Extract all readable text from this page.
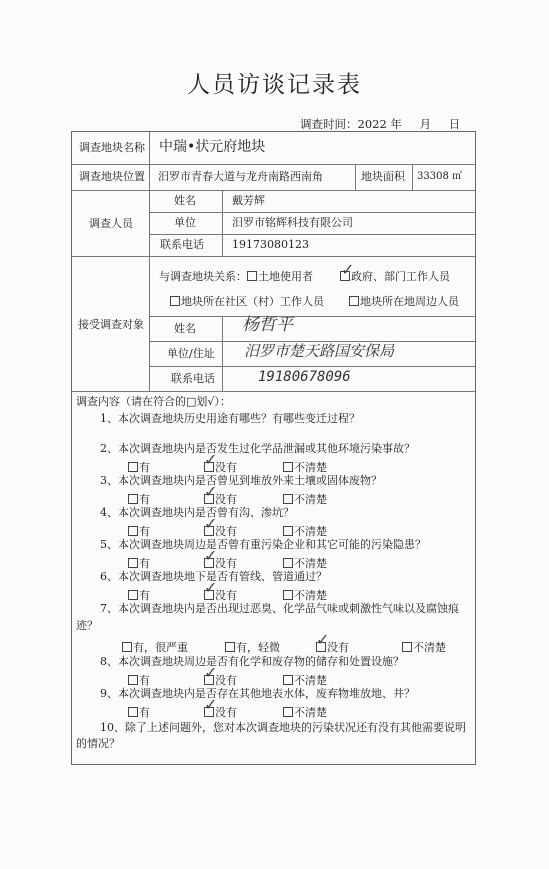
人员访谈记录表
调查时间：2022 年 月 日
调查地块名称 中瑞•状元府地块
调查地块位置 汨罗市青春大道与龙舟南路西南角	地块面积 33308 ㎡
调查人员
姓名	戴芳辉
单位	汨罗市铭辉科技有限公司
联系电话	19173080123
接受调查对象
与调查地块关系：	土地使用者	政府、部门工作人员
✓
地块所在社区（村）工作人员	地块所在地周边人员
姓名	杨哲平
单位/住址 汨罗市楚天路国安保局
联系电话	19180678096
调查内容（请在符合的□划√）：
1、本次调查地块历史用途有哪些？有哪些变迁过程？
2、本次调查地块内是否发生过化学品泄漏或其他环境污染事故？
有	没有
✓	不清楚
3、本次调查地块内是否曾见到堆放外来土壤或固体废物？
有	没有
✓	不清楚
4、本次调查地块内是否曾有沟、渗坑？
有	没有
✓	不清楚
5、本次调查地块周边是否曾有重污染企业和其它可能的污染隐患？
有	没有
✓	不清楚
6、本次调查地块地下是否有管线、管道通过？
有	没有
✓	不清楚
7、本次调查地块内是否出现过恶臭、化学品气味或刺激性气味以及腐蚀痕
迹？
有，很严重	有，轻微	没有
✓	不清楚
8、本次调查地块周边是否有化学和废存物的储存和处置设施？
有	没有
✓	不清楚
9、本次调查地块内是否存在其他地表水体，废弃物堆放地、井？
有	没有
✓	不清楚
10、除了上述问题外，您对本次调查地块的污染状况还有没有其他需要说明
的情况？
